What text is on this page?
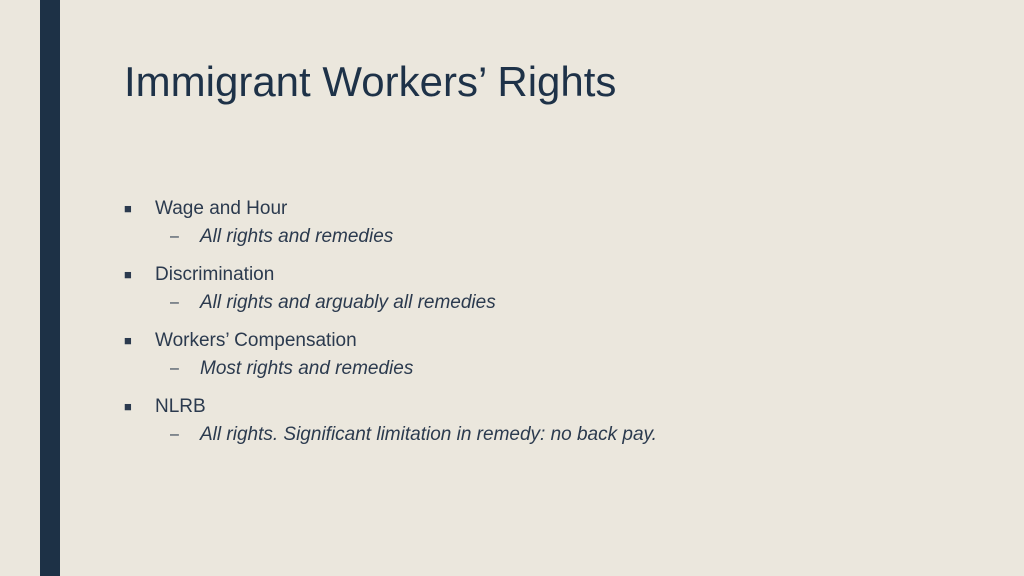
Immigrant Workers’ Rights
■	Wage and Hour
–	All rights and remedies
■	Discrimination
–	All rights and arguably all remedies
■	Workers’ Compensation
–	Most rights and remedies
■	NLRB
–	All rights. Significant limitation in remedy: no back pay.
